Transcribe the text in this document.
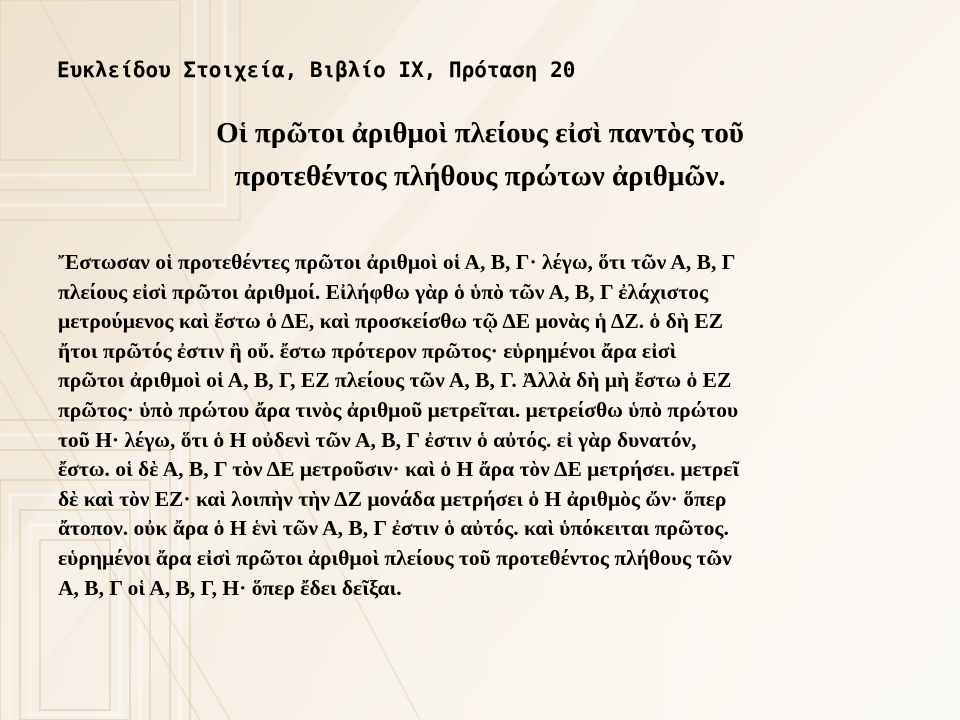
Ευκλείδου Στοιχεία, Βιβλίο IX, Πρόταση 20
Οἱ πρῶτοι ἀριθμοὶ πλείους εἰσὶ παντὸς τοῦ
προτεθέντος πλήθους πρώτων ἀριθμῶν.
Ἔστωσαν οἱ προτεθέντες πρῶτοι ἀριθμοὶ οἱ Α, Β, Γ· λέγω, ὅτι τῶν Α, Β, Γ
πλείους εἰσὶ πρῶτοι ἀριθμοί. Εἰλήφθω γὰρ ὁ ὑπὸ τῶν Α, Β, Γ ἐλάχιστος
μετρούμενος καὶ ἔστω ὁ ΔΕ, καὶ προσκείσθω τῷ ΔΕ μονὰς ἡ ΔΖ. ὁ δὴ ΕΖ
ἤτοι πρῶτός ἐστιν ἢ οὔ. ἔστω πρότερον πρῶτος· εὑρημένοι ἄρα εἰσὶ
πρῶτοι ἀριθμοὶ οἱ Α, Β, Γ, ΕΖ πλείους τῶν Α, Β, Γ. Ἀλλὰ δὴ μὴ ἔστω ὁ ΕΖ
πρῶτος· ὑπὸ πρώτου ἄρα τινὸς ἀριθμοῦ μετρεῖται. μετρείσθω ὑπὸ πρώτου
τοῦ Η· λέγω, ὅτι ὁ Η οὐδενὶ τῶν Α, Β, Γ ἐστιν ὁ αὐτός. εἰ γὰρ δυνατόν,
ἔστω. οἱ δὲ Α, Β, Γ τὸν ΔΕ μετροῦσιν· καὶ ὁ Η ἄρα τὸν ΔΕ μετρήσει. μετρεῖ
δὲ καὶ τὸν ΕΖ· καὶ λοιπὴν τὴν ΔΖ μονάδα μετρήσει ὁ Η ἀριθμὸς ὤν· ὅπερ
ἄτοπον. οὐκ ἄρα ὁ Η ἑνὶ τῶν Α, Β, Γ ἐστιν ὁ αὐτός. καὶ ὑπόκειται πρῶτος.
εὑρημένοι ἄρα εἰσὶ πρῶτοι ἀριθμοὶ πλείους τοῦ προτεθέντος πλήθους τῶν
Α, Β, Γ οἱ Α, Β, Γ, Η· ὅπερ ἔδει δεῖξαι.
